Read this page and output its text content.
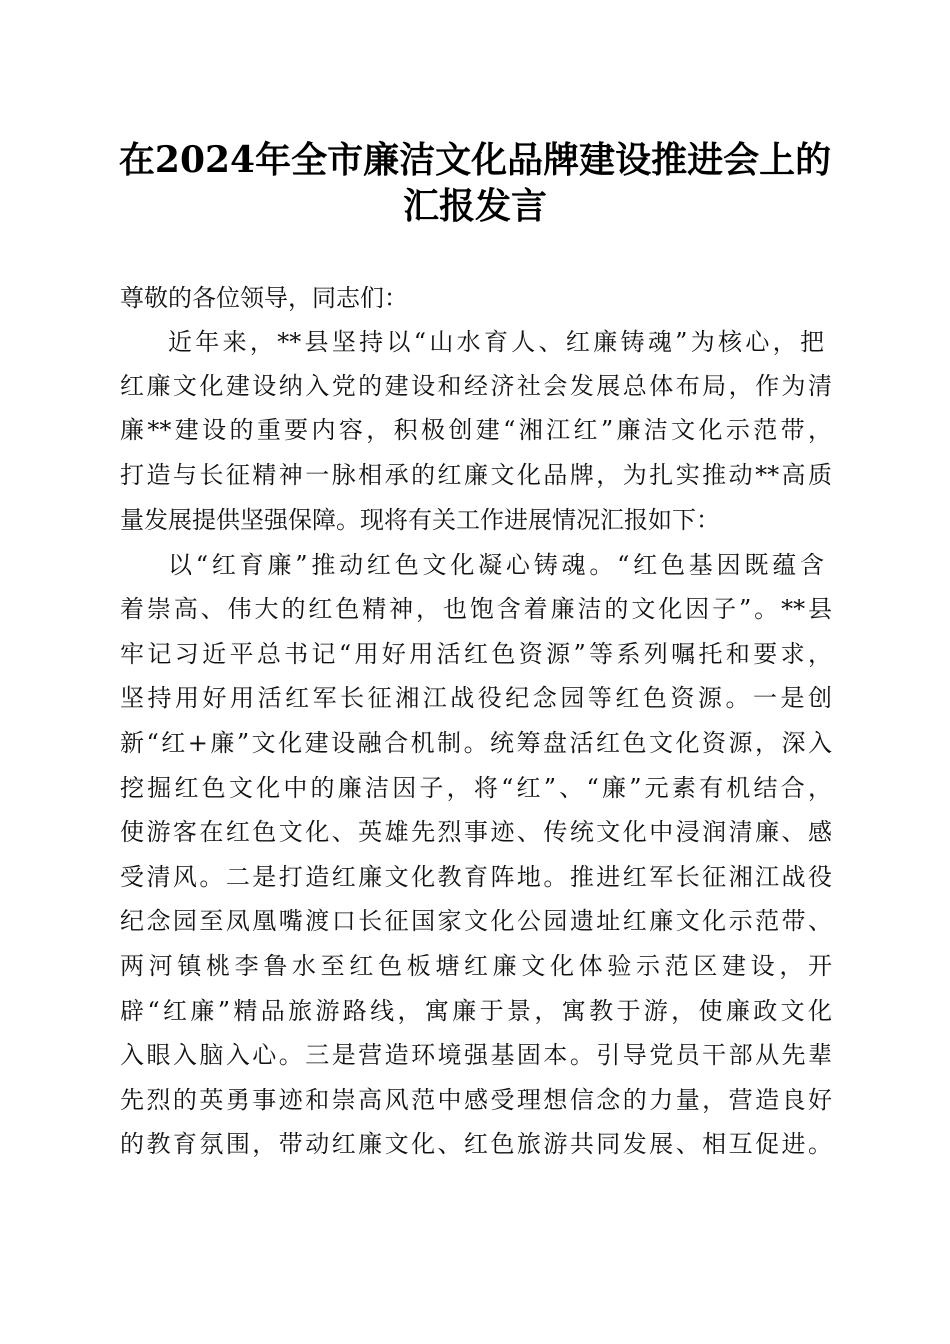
在2024年全市廉洁文化品牌建设推进会上的
汇报发言
尊敬的各位领导，同志们：
近年来，**县坚持以“山水育人、红廉铸魂”为核心，把
红廉文化建设纳入党的建设和经济社会发展总体布局，作为清
廉**建设的重要内容，积极创建“湘江红”廉洁文化示范带，
打造与长征精神一脉相承的红廉文化品牌，为扎实推动**高质
量发展提供坚强保障。现将有关工作进展情况汇报如下：
以“红育廉”推动红色文化凝心铸魂。“红色基因既蕴含
着崇高、伟大的红色精神，也饱含着廉洁的文化因子”。**县
牢记习近平总书记“用好用活红色资源”等系列嘱托和要求，
坚持用好用活红军长征湘江战役纪念园等红色资源。一是创
新“红+廉”文化建设融合机制。统筹盘活红色文化资源，深入
挖掘红色文化中的廉洁因子，将“红”、“廉”元素有机结合，
使游客在红色文化、英雄先烈事迹、传统文化中浸润清廉、感
受清风。二是打造红廉文化教育阵地。推进红军长征湘江战役
纪念园至凤凰嘴渡口长征国家文化公园遗址红廉文化示范带、
两河镇桃李鲁水至红色板塘红廉文化体验示范区建设，开
辟“红廉”精品旅游路线，寓廉于景，寓教于游，使廉政文化
入眼入脑入心。三是营造环境强基固本。引导党员干部从先辈
先烈的英勇事迹和崇高风范中感受理想信念的力量，营造良好
的教育氛围，带动红廉文化、红色旅游共同发展、相互促进。
